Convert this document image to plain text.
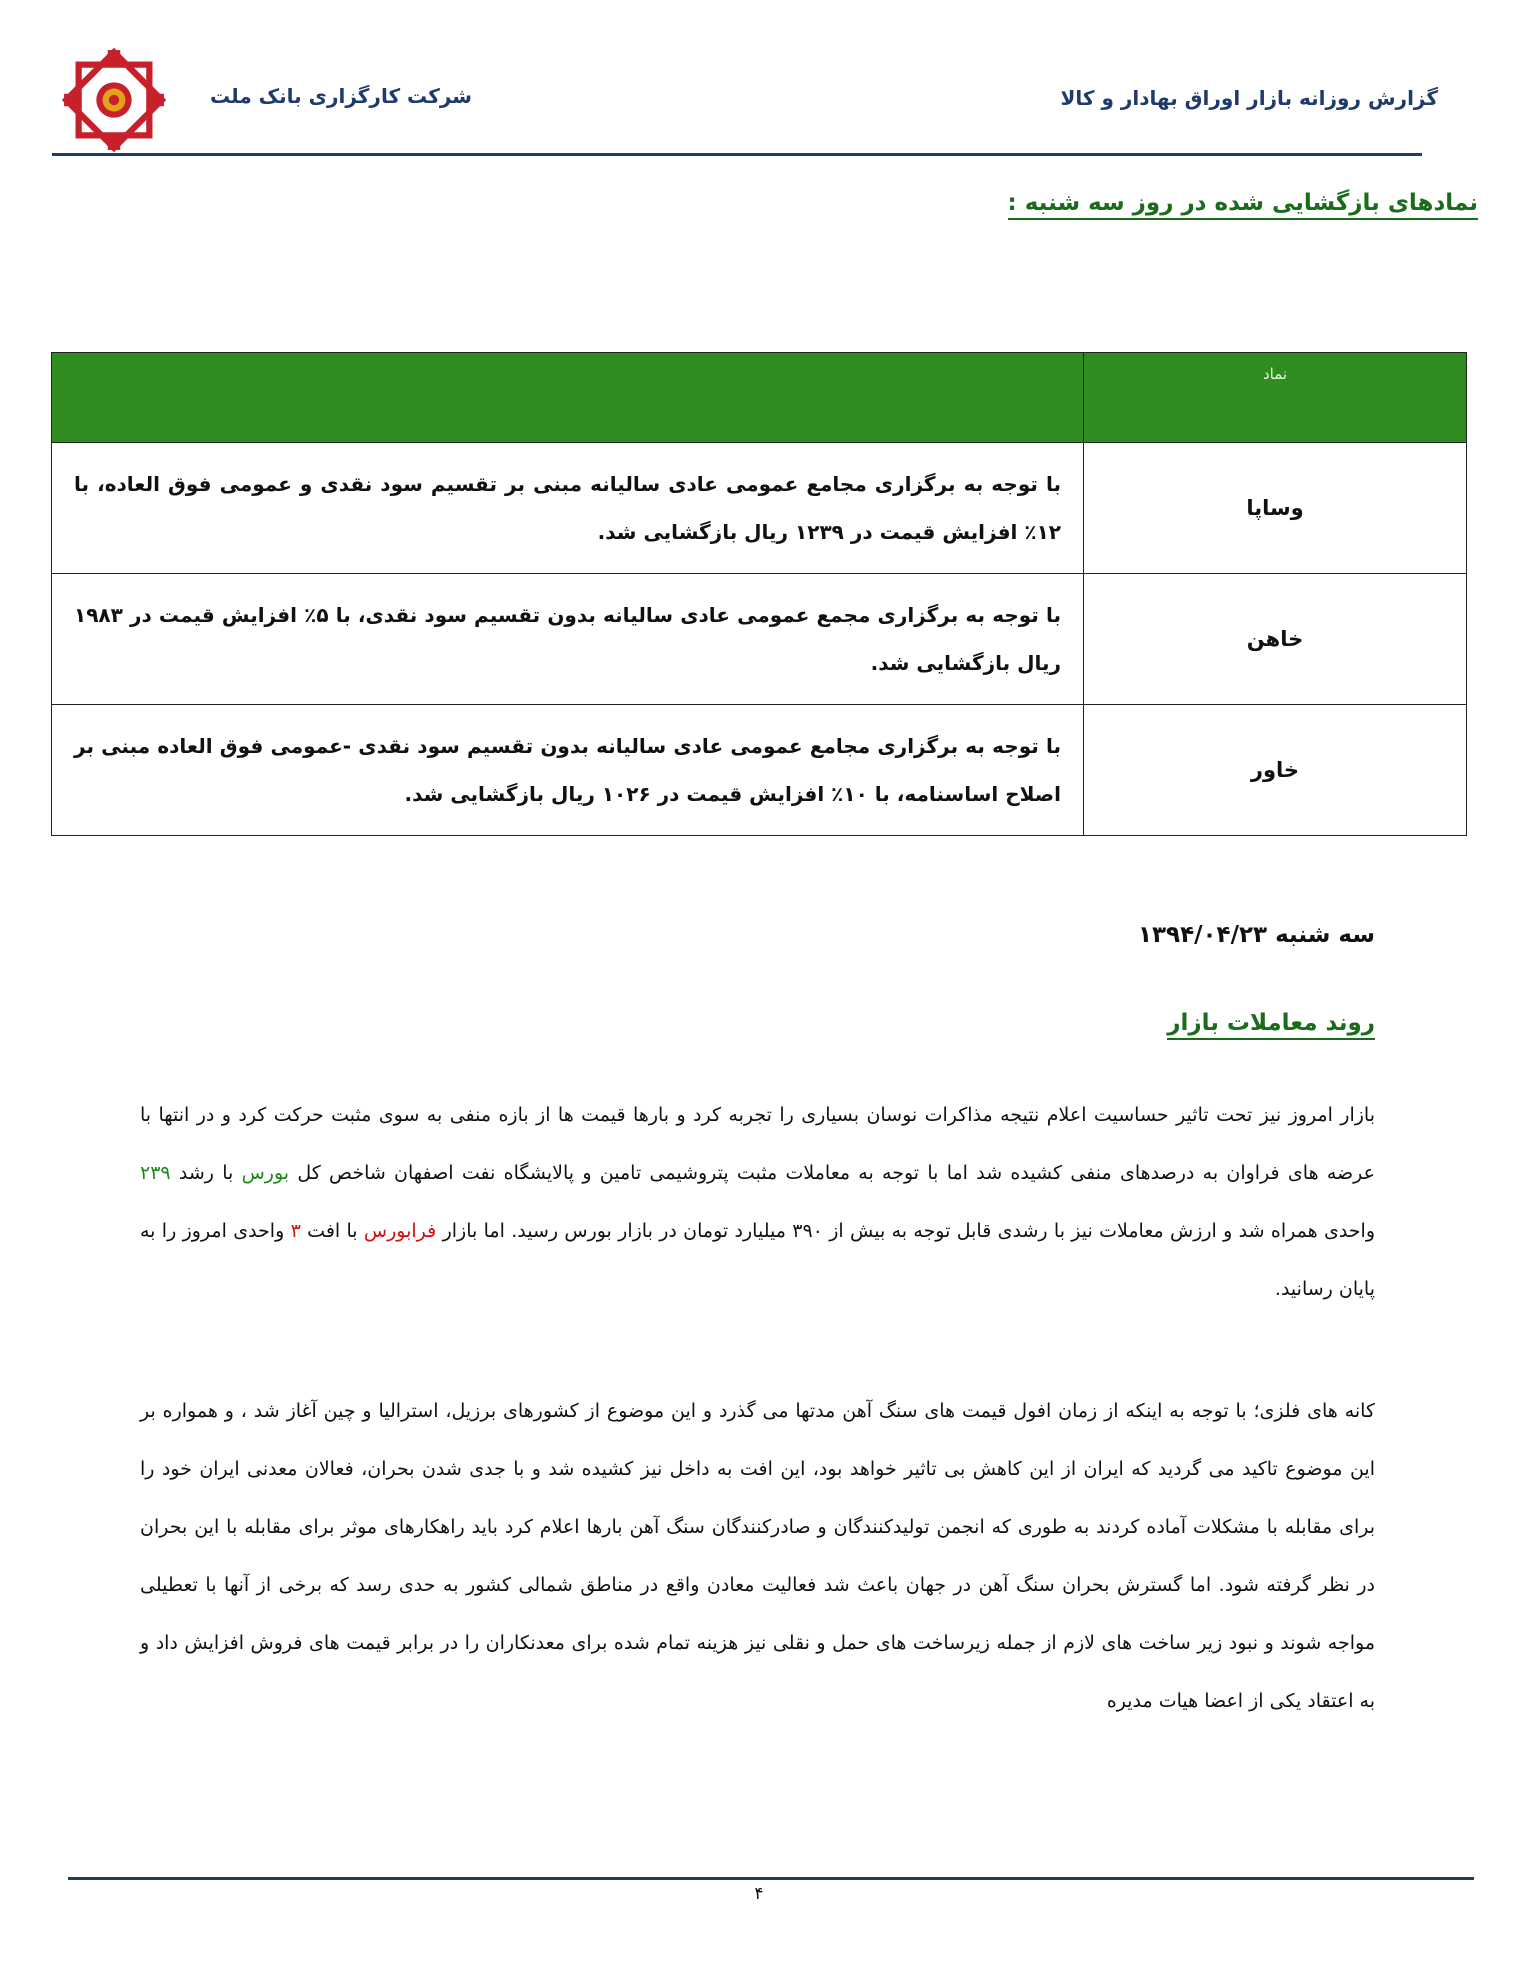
شرکت کارگزاری بانک ملت	گزارش روزانه بازار اوراق بهادار و کالا
نمادهای بازگشایی شده در روز سه شنبه :
نماد	
وساپا	با توجه به برگزاری مجامع عمومی عادی سالیانه مبنی بر تقسیم سود نقدی و عمومی فوق العاده، با ۱۲٪ افزایش قیمت در ۱۲۳۹ ریال بازگشایی شد.
خاهن	با توجه به برگزاری مجمع عمومی عادی سالیانه بدون تقسیم سود نقدی، با ۵٪ افزایش قیمت در ۱۹۸۳ ریال بازگشایی شد.
خاور	با توجه به برگزاری مجامع عمومی عادی سالیانه بدون تقسیم سود نقدی -عمومی فوق العاده مبنی بر اصلاح اساسنامه، با ۱۰٪ افزایش قیمت در ۱۰۲۶ ریال بازگشایی شد.
سه شنبه ۱۳۹۴/۰۴/۲۳
روند معاملات بازار
بازار امروز نیز تحت تاثیر حساسیت اعلام نتیجه مذاکرات نوسان بسیاری را تجربه کرد و بارها قیمت ها از بازه منفی به سوی مثبت حرکت کرد و در انتها با عرضه های فراوان به درصدهای منفی کشیده شد اما با توجه به معاملات مثبت پتروشیمی تامین و پالایشگاه نفت اصفهان شاخص کل بورس با رشد ۲۳۹ واحدی همراه شد و ارزش معاملات نیز با رشدی قابل توجه به بیش از ۳۹۰ میلیارد تومان در بازار بورس رسید. اما بازار فرابورس با افت ۳ واحدی امروز را به پایان رسانید.
کانه های فلزی؛ با توجه به اینکه از زمان افول قیمت های سنگ آهن مدتها می گذرد و این موضوع از کشورهای برزیل، استرالیا و چین آغاز شد ، و همواره بر این موضوع تاکید می گردید که ایران از این کاهش بی تاثیر خواهد بود، این افت به داخل نیز کشیده شد و با جدی شدن بحران، فعالان معدنی ایران خود را برای مقابله با مشکلات آماده کردند به طوری که انجمن تولیدکنندگان و صادرکنندگان سنگ آهن بارها اعلام کرد باید راهکارهای موثر برای مقابله با این بحران در نظر گرفته شود. اما گسترش بحران سنگ آهن در جهان باعث شد فعالیت معادن واقع در مناطق شمالی کشور به حدی رسد که برخی از آنها با تعطیلی مواجه شوند و نبود زیر ساخت های لازم از جمله زیرساخت های حمل و نقلی نیز هزینه تمام شده برای معدنکاران را در برابر قیمت های فروش افزایش داد و به اعتقاد یکی از اعضا هیات مدیره
۴
